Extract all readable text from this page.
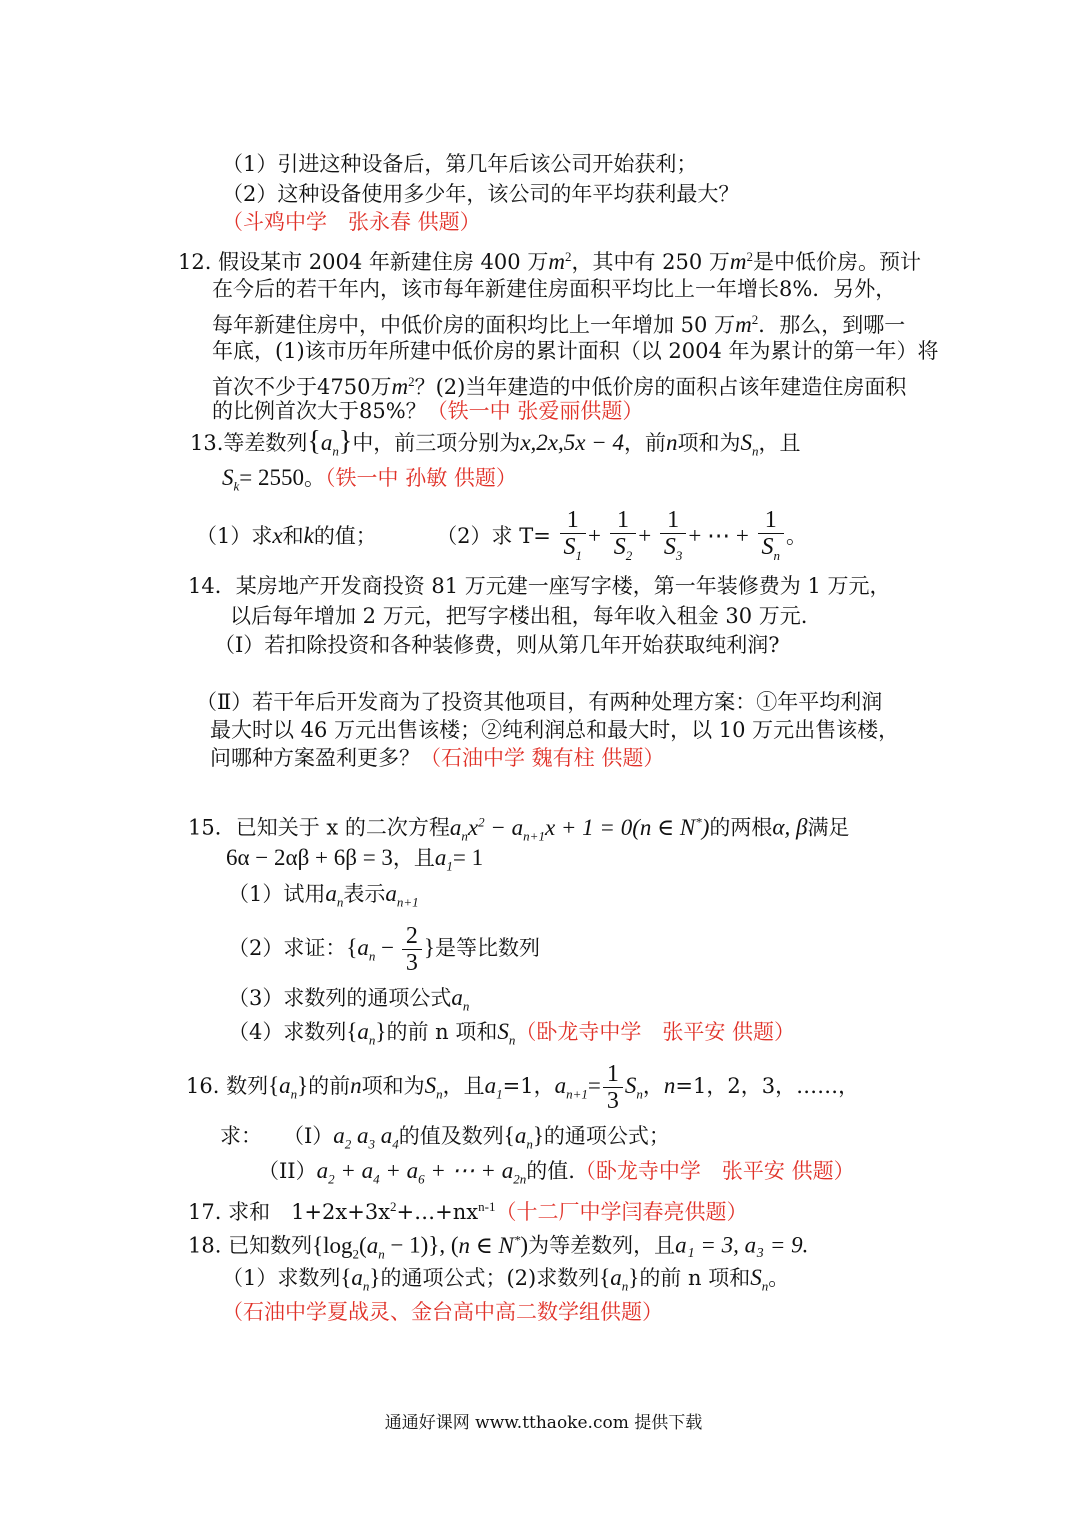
（1）引进这种设备后，第几年后该公司开始获利；
（2）这种设备使用多少年，该公司的年平均获利最大？
（斗鸡中学　张永春 供题）
12. 假设某市 2004 年新建住房 400 万$m^2$，其中有 250 万$m^2$是中低价房。预计
在今后的若干年内，该市每年新建住房面积平均比上一年增长8%．另外，
每年新建住房中，中低价房的面积均比上一年增加 50 万$m^2$．那么，到哪一
年底，(1)该市历年所建中低价房的累计面积（以 2004 年为累计的第一年）将
首次不少于4750万$m^2$？(2)当年建造的中低价房的面积占该年建造住房面积
的比例首次大于85%？（铁一中 张爱丽供题）
13.等差数列$\{a_n\}$中，前三项分别为x,2x,5x − 4，前n项和为$S_n$，且
$S_k= 2550$。（铁一中 孙敏 供题）
（1）求x和k的值；	（2）求 $T= \frac{1}{S_1} + \frac{1}{S_2} + \frac{1}{S_3}$ + ⋯ + $\frac{1}{S_n}$ 。
14．某房地产开发商投资 81 万元建一座写字楼，第一年装修费为 1 万元，
以后每年增加 2 万元，把写字楼出租，每年收入租金 30 万元.
（Ⅰ）若扣除投资和各种装修费，则从第几年开始获取纯利润?
（Ⅱ）若干年后开发商为了投资其他项目，有两种处理方案：①年平均利润
最大时以 46 万元出售该楼；②纯利润总和最大时，以 10 万元出售该楼，
问哪种方案盈利更多？（石油中学 魏有柱 供题）
15．已知关于 x 的二次方程$a_nx^2 - a_{n+1}x + 1 = 0(n$ ∈ N*)的两根α, β满足
6α − 2αβ + 6β = 3，且$a_1= 1$
（1）试用$a_n$表示$a_{n+1}$
（2）求证：{$a_n - \frac{2}{3}$ }是等比数列
（3）求数列的通项公式$a_n$
（4）求数列$\{a_n\}$的前 n 项和$S_n$（卧龙寺中学　张平安 供题）
16. 数列$\{a_n\}$的前n项和为$S_n$，且$a_1=1$，$a_{n+1}= \frac{1}{3} S_n$，n=1，2，3，……，
求：　　$(I)a_2$ $a_3$ $a_4$的值及数列$\{a_n\}$的通项公式；
$(II)a_2 + a_4 + a_6$ + ⋯ + $a_{2n}$的值.（卧龙寺中学　张平安 供题）
17. 求和　$1+2x+3x^2+\dots+nx^{n-1}$（十二厂中学闫春亮供题）
18. 已知数列$\{\log_2(a_n - 1)\}$, (n ∈ N*)为等差数列，且a₁ = 3, a₃ = 9.
（1）求数列$\{a_n\}$的通项公式；(2)求数列$\{a_n\}$的前 n 项和$S_n$。
（石油中学夏战灵、金台高中高二数学组供题）
通通好课网 www.tthaoke.com 提供下载
